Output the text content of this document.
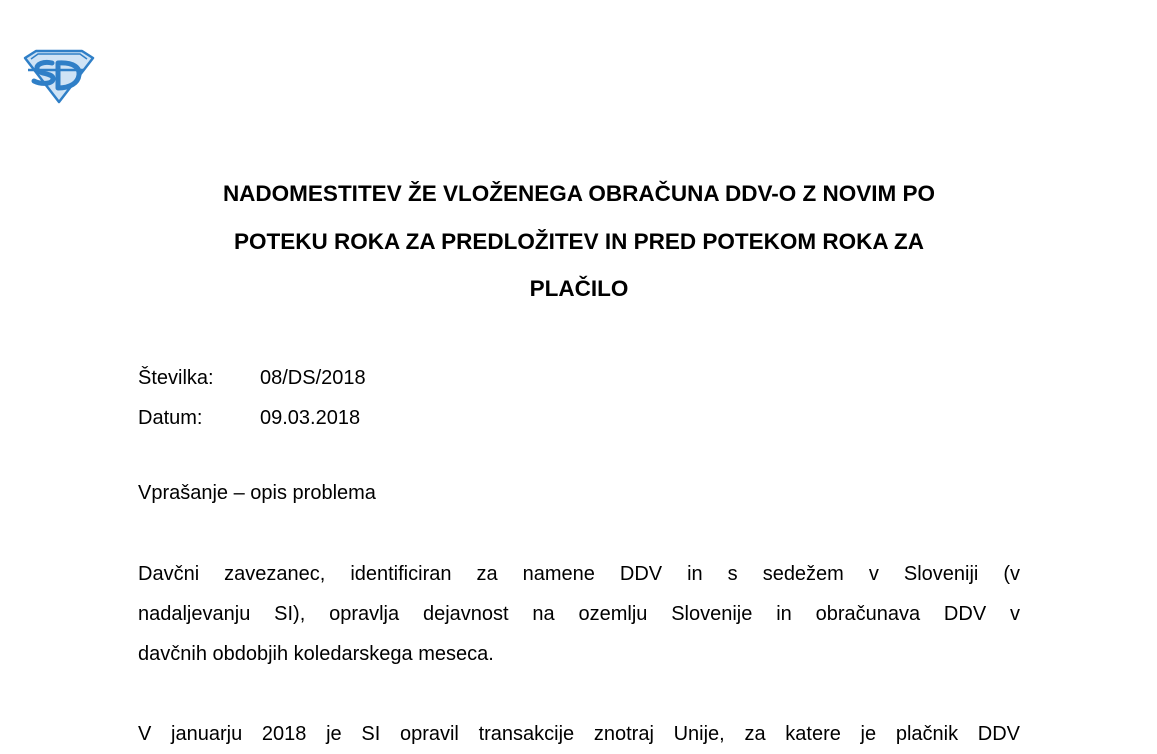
NADOMESTITEV ŽE VLOŽENEGA OBRAČUNA DDV-O Z NOVIM PO
POTEKU ROKA ZA PREDLOŽITEV IN PRED POTEKOM ROKA ZA
PLAČILO
Številka:	08/DS/2018
Datum:	09.03.2018
Vprašanje – opis problema

Davčni zavezanec, identificiran za namene DDV in s sedežem v Sloveniji (v
nadaljevanju SI), opravlja dejavnost na ozemlju Slovenije in obračunava DDV v
davčnih obdobjih koledarskega meseca.

V januarju 2018 je SI opravil transakcije znotraj Unije, za katere je plačnik DDV
